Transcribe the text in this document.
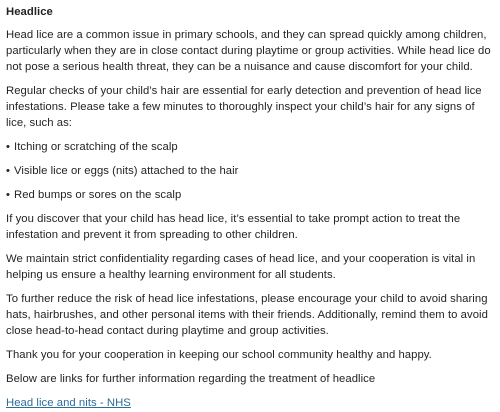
Headlice

Head lice are a common issue in primary schools, and they can spread quickly among children, particularly when they are in close contact during playtime or group activities. While head lice do not pose a serious health threat, they can be a nuisance and cause discomfort for your child.

Regular checks of your child’s hair are essential for early detection and prevention of head lice infestations. Please take a few minutes to thoroughly inspect your child’s hair for any signs of lice, such as:

• Itching or scratching of the scalp
• Visible lice or eggs (nits) attached to the hair
• Red bumps or sores on the scalp

If you discover that your child has head lice, it’s essential to take prompt action to treat the infestation and prevent it from spreading to other children.

We maintain strict confidentiality regarding cases of head lice, and your cooperation is vital in helping us ensure a healthy learning environment for all students.

To further reduce the risk of head lice infestations, please encourage your child to avoid sharing hats, hairbrushes, and other personal items with their friends. Additionally, remind them to avoid close head-to-head contact during playtime and group activities.

Thank you for your cooperation in keeping our school community healthy and happy.

Below are links for further information regarding the treatment of headlice

Head lice and nits - NHS
